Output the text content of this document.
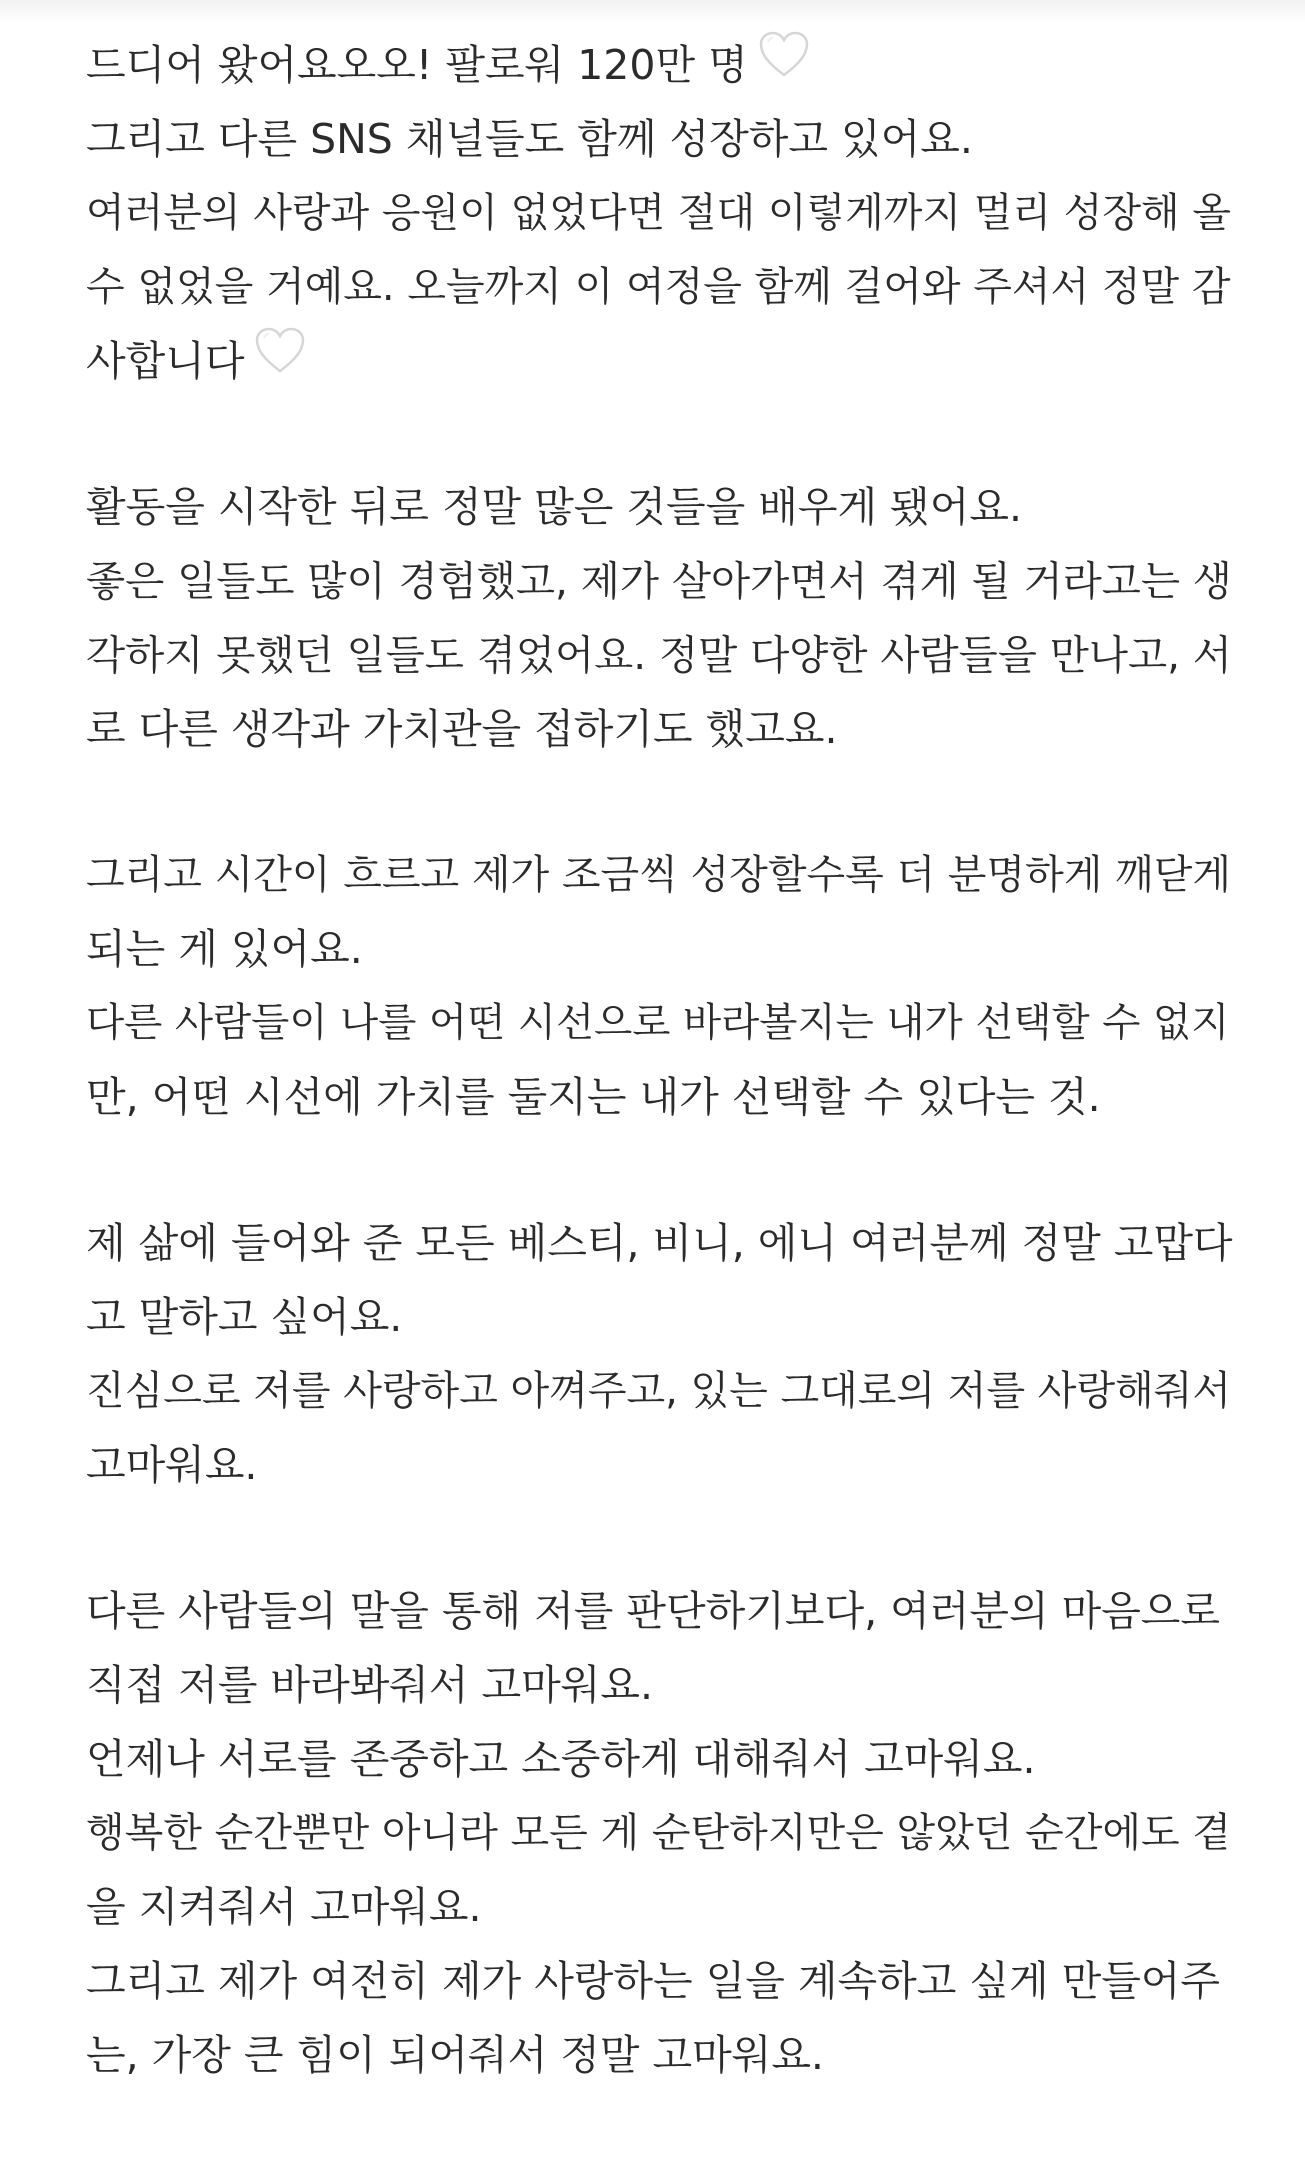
드디어 왔어요오오! 팔로워 120만 명
그리고 다른 SNS 채널들도 함께 성장하고 있어요.
여러분의 사랑과 응원이 없었다면 절대 이렇게까지 멀리 성장해 올
수 없었을 거예요. 오늘까지 이 여정을 함께 걸어와 주셔서 정말 감
사합니다
활동을 시작한 뒤로 정말 많은 것들을 배우게 됐어요.
좋은 일들도 많이 경험했고, 제가 살아가면서 겪게 될 거라고는 생
각하지 못했던 일들도 겪었어요. 정말 다양한 사람들을 만나고, 서
로 다른 생각과 가치관을 접하기도 했고요.
그리고 시간이 흐르고 제가 조금씩 성장할수록 더 분명하게 깨닫게
되는 게 있어요.
다른 사람들이 나를 어떤 시선으로 바라볼지는 내가 선택할 수 없지
만, 어떤 시선에 가치를 둘지는 내가 선택할 수 있다는 것.
제 삶에 들어와 준 모든 베스티, 비니, 에니 여러분께 정말 고맙다
고 말하고 싶어요.
진심으로 저를 사랑하고 아껴주고, 있는 그대로의 저를 사랑해줘서
고마워요.
다른 사람들의 말을 통해 저를 판단하기보다, 여러분의 마음으로
직접 저를 바라봐줘서 고마워요.
언제나 서로를 존중하고 소중하게 대해줘서 고마워요.
행복한 순간뿐만 아니라 모든 게 순탄하지만은 않았던 순간에도 곁
을 지켜줘서 고마워요.
그리고 제가 여전히 제가 사랑하는 일을 계속하고 싶게 만들어주
는, 가장 큰 힘이 되어줘서 정말 고마워요.
